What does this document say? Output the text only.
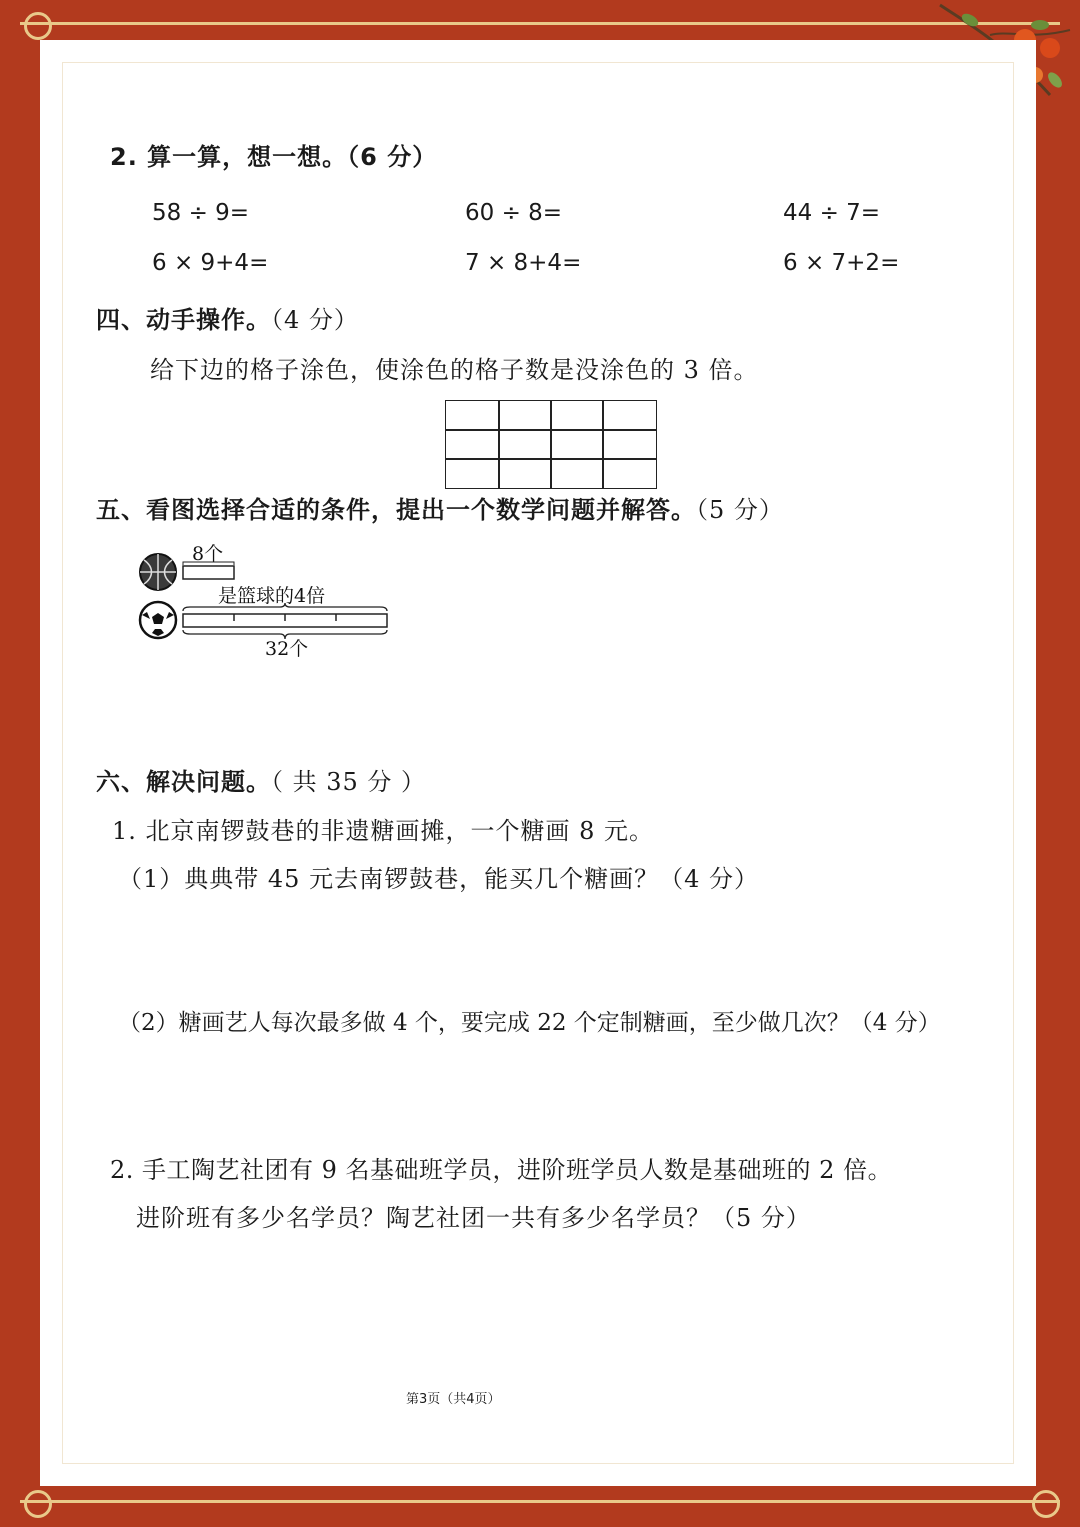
2. 算一算，想一想。（6 分）
58 ÷ 9=	60 ÷ 8=	44 ÷ 7=
6 × 9+4=	7 × 8+4=	6 × 7+2=
四、动手操作。（4 分）
给下边的格子涂色，使涂色的格子数是没涂色的 3 倍。
五、看图选择合适的条件，提出一个数学问题并解答。（5 分）
8个
是篮球的4倍
32个
六、解决问题。（ 共 35 分 ）
1. 北京南锣鼓巷的非遗糖画摊，一个糖画 8 元。
（1）典典带 45 元去南锣鼓巷，能买几个糖画？（4 分）
（2）糖画艺人每次最多做 4 个，要完成 22 个定制糖画，至少做几次？（4 分）
2. 手工陶艺社团有 9 名基础班学员，进阶班学员人数是基础班的 2 倍。
进阶班有多少名学员？陶艺社团一共有多少名学员？（5 分）
第3页（共4页）
